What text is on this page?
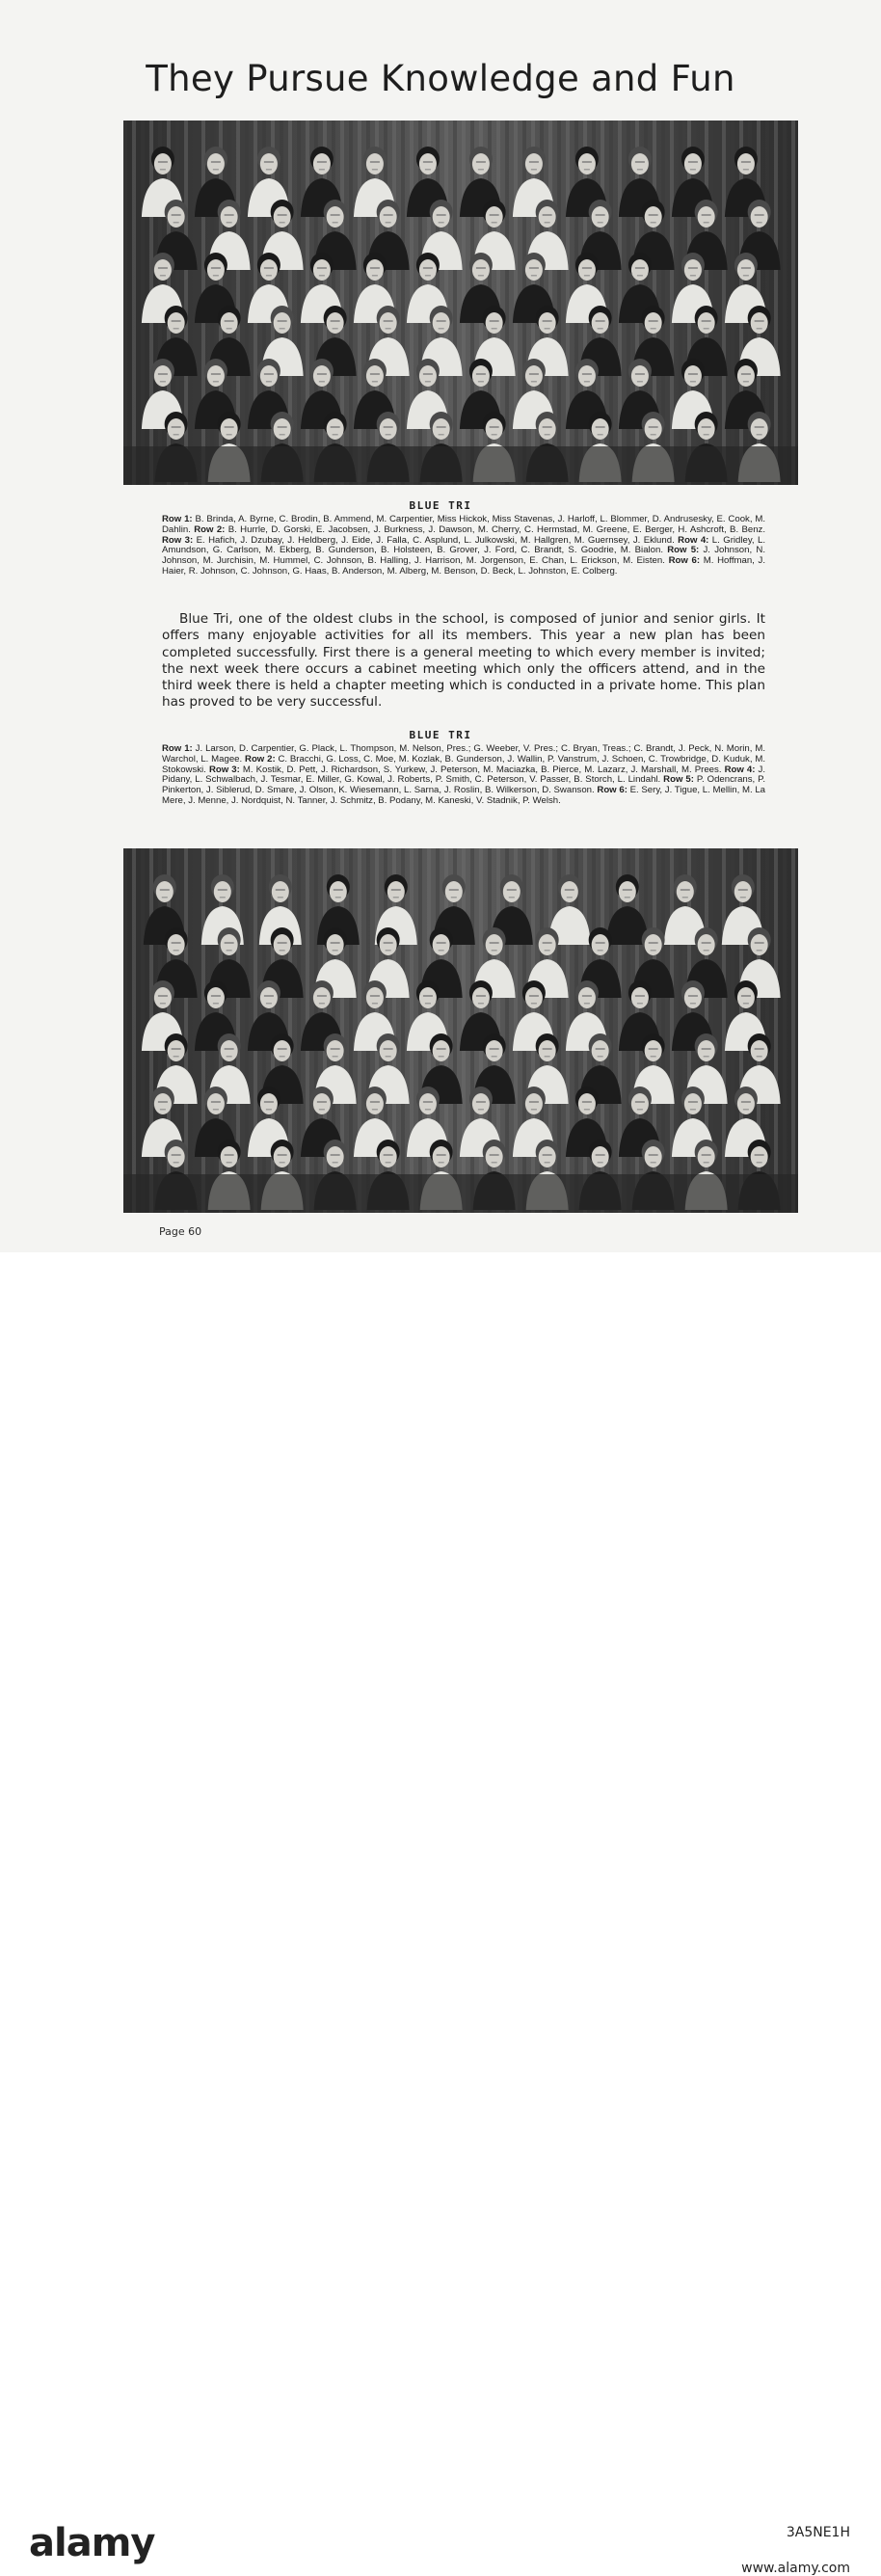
They Pursue Knowledge and Fun
BLUE TRI

Row 1: B. Brinda, A. Byrne, C. Brodin, B. Ammend, M. Carpentier, Miss Hickok, Miss Stavenas, J. Harloff, L. Blommer, D. Andrusesky, E. Cook, M. Dahlin. Row 2: B. Hurrle, D. Gorski, E. Jacobsen, J. Burkness, J. Dawson, M. Cherry, C. Hermstad, M. Greene, E. Berger, H. Ashcroft, B. Benz. Row 3: E. Hafich, J. Dzubay, J. Heldberg, J. Eide, J. Falla, C. Asplund, L. Julkowski, M. Hallgren, M. Guernsey, J. Eklund. Row 4: L. Gridley, L. Amundson, G. Carlson, M. Ekberg, B. Gunderson, B. Holsteen, B. Grover, J. Ford, C. Brandt, S. Goodrie, M. Bialon. Row 5: J. Johnson, N. Johnson, M. Jurchisin, M. Hummel, C. Johnson, B. Halling, J. Harrison, M. Jorgenson, E. Chan, L. Erickson, M. Eisten. Row 6: M. Hoffman, J. Haier, R. Johnson, C. Johnson, G. Haas, B. Anderson, M. Alberg, M. Benson, D. Beck, L. Johnston, E. Colberg.

Blue Tri, one of the oldest clubs in the school, is composed of junior and senior girls. It offers many enjoyable activities for all its members. This year a new plan has been completed successfully. First there is a general meeting to which every member is invited; the next week there occurs a cabinet meeting which only the officers attend, and in the third week there is held a chapter meeting which is conducted in a private home. This plan has proved to be very successful.

BLUE TRI

Row 1: J. Larson, D. Carpentier, G. Plack, L. Thompson, M. Nelson, Pres.; G. Weeber, V. Pres.; C. Bryan, Treas.; C. Brandt, J. Peck, N. Morin, M. Warchol, L. Magee. Row 2: C. Bracchi, G. Loss, C. Moe, M. Kozlak, B. Gunderson, J. Wallin, P. Vanstrum, J. Schoen, C. Trowbridge, D. Kuduk, M. Stokowski. Row 3: M. Kostik, D. Pett, J. Richardson, S. Yurkew, J. Peterson, M. Maciazka, B. Pierce, M. Lazarz, J. Marshall, M. Prees. Row 4: J. Pidany, L. Schwalbach, J. Tesmar, E. Miller, G. Kowal, J. Roberts, P. Smith, C. Peterson, V. Passer, B. Storch, L. Lindahl. Row 5: P. Odencrans, P. Pinkerton, J. Siblerud, D. Smare, J. Olson, K. Wiesemann, L. Sarna, J. Roslin, B. Wilkerson, D. Swanson. Row 6: E. Sery, J. Tigue, L. Mellin, M. La Mere, J. Menne, J. Nordquist, N. Tanner, J. Schmitz, B. Podany, M. Kaneski, V. Stadnik, P. Welsh.

Page 60
alamy	3A5NE1H
www.alamy.com
